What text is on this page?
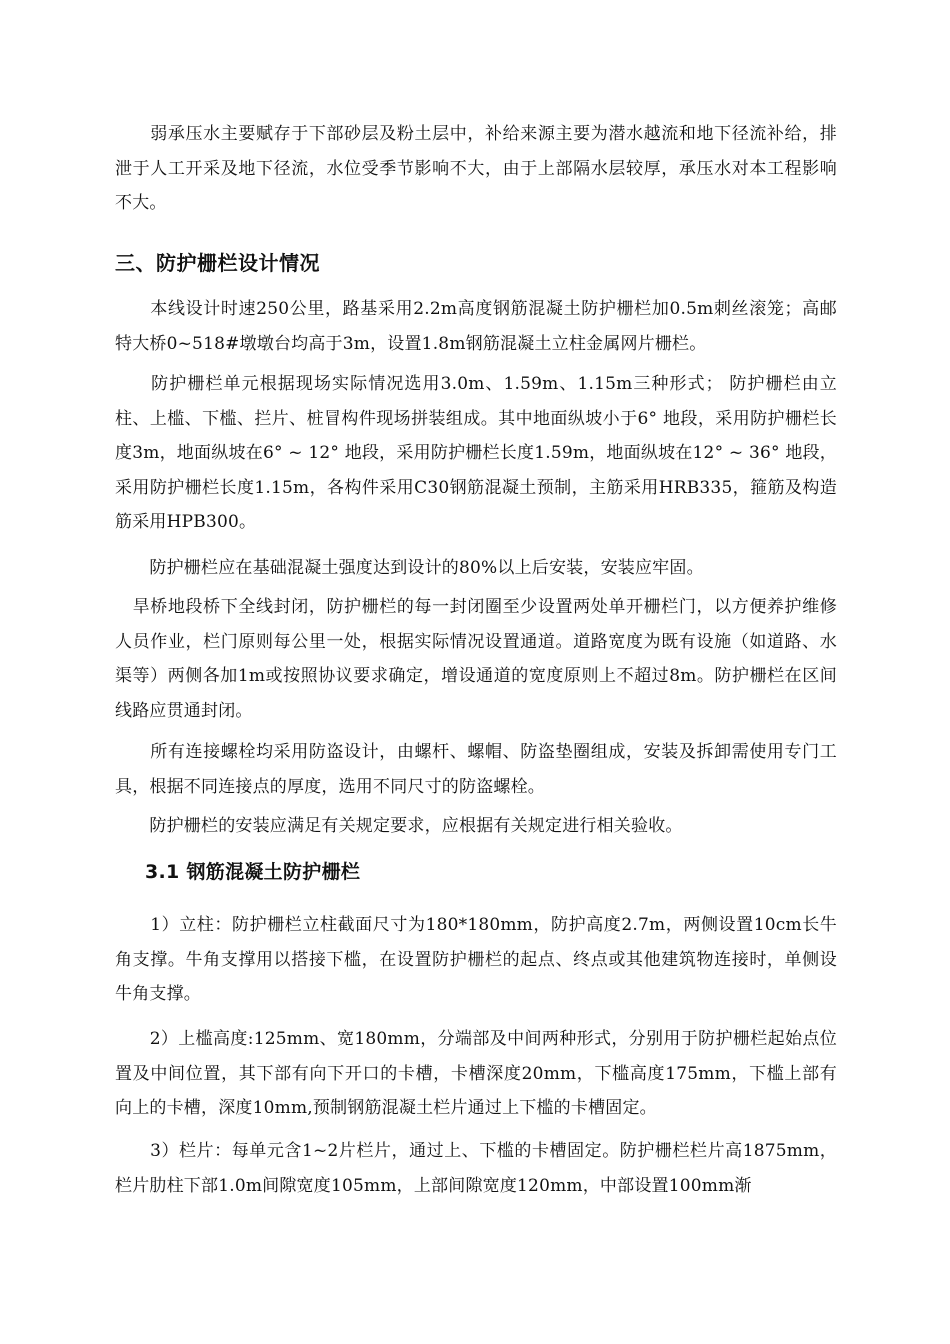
　　弱承压水主要赋存于下部砂层及粉土层中，补给来源主要为潜水越流和地下径流补给，排泄于人工开采及地下径流，水位受季节影响不大，由于上部隔水层较厚，承压水对本工程影响不大。

三、防护栅栏设计情况

　　本线设计时速250公里，路基采用2.2m高度钢筋混凝土防护栅栏加0.5m刺丝滚笼；高邮特大桥0~518#墩墩台均高于3m，设置1.8m钢筋混凝土立柱金属网片栅栏。

　　防护栅栏单元根据现场实际情况选用3.0m、1.59m、1.15m三种形式； 防护栅栏由立柱、上槛、下槛、拦片、桩冒构件现场拼装组成。其中地面纵坡小于6° 地段，采用防护栅栏长度3m，地面纵坡在6° ~ 12° 地段，采用防护栅栏长度1.59m，地面纵坡在12° ~ 36° 地段，采用防护栅栏长度1.15m，各构件采用C30钢筋混凝土预制，主筋采用HRB335，箍筋及构造筋采用HPB300。

　　防护栅栏应在基础混凝土强度达到设计的80%以上后安装，安装应牢固。

　旱桥地段桥下全线封闭，防护栅栏的每一封闭圈至少设置两处单开栅栏门，以方便养护维修人员作业，栏门原则每公里一处，根据实际情况设置通道。道路宽度为既有设施（如道路、水渠等）两侧各加1m或按照协议要求确定，增设通道的宽度原则上不超过8m。防护栅栏在区间线路应贯通封闭。

　　所有连接螺栓均采用防盗设计，由螺杆、螺帽、防盗垫圈组成，安装及拆卸需使用专门工具，根据不同连接点的厚度，选用不同尺寸的防盗螺栓。

　　防护栅栏的安装应满足有关规定要求，应根据有关规定进行相关验收。

3.1 钢筋混凝土防护栅栏

　　1）立柱：防护栅栏立柱截面尺寸为180*180mm，防护高度2.7m，两侧设置10cm长牛角支撑。牛角支撑用以搭接下槛，在设置防护栅栏的起点、终点或其他建筑物连接时，单侧设牛角支撑。

　　2）上槛高度:125mm、宽180mm，分端部及中间两种形式，分别用于防护栅栏起始点位置及中间位置，其下部有向下开口的卡槽，卡槽深度20mm，下槛高度175mm，下槛上部有向上的卡槽，深度10mm,预制钢筋混凝土栏片通过上下槛的卡槽固定。

　　3）栏片：每单元含1~2片栏片，通过上、下槛的卡槽固定。防护栅栏栏片高1875mm，栏片肋柱下部1.0m间隙宽度105mm，上部间隙宽度120mm，中部设置100mm渐
